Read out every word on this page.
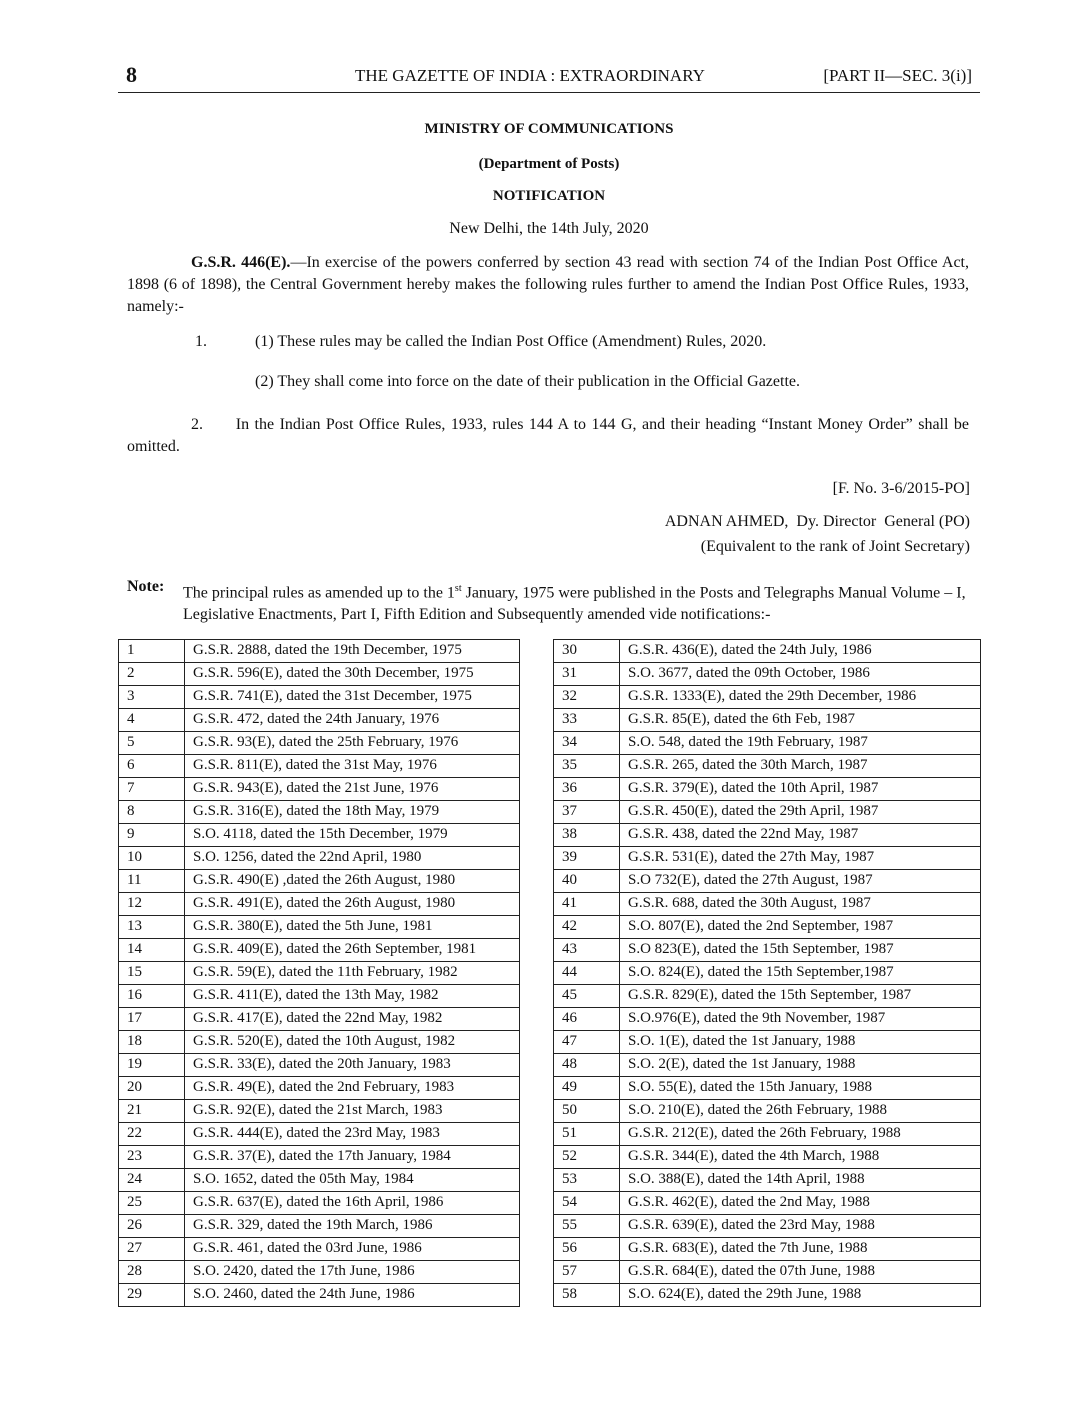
8	THE GAZETTE OF INDIA : EXTRAORDINARY	[PART II—SEC. 3(i)]
MINISTRY OF COMMUNICATIONS
(Department of Posts)
NOTIFICATION
New Delhi, the 14th July, 2020
G.S.R. 446(E).—In exercise of the powers conferred by section 43 read with section 74 of the Indian Post Office Act, 1898 (6 of 1898), the Central Government hereby makes the following rules further to amend the Indian Post Office Rules, 1933, namely:-
1.	(1) These rules may be called the Indian Post Office (Amendment) Rules, 2020.
(2) They shall come into force on the date of their publication in the Official Gazette.
2.      In the Indian Post Office Rules, 1933, rules 144 A to 144 G, and their heading “Instant Money Order” shall be omitted.
[F. No. 3-6/2015-PO]
ADNAN AHMED,  Dy. Director  General (PO)
(Equivalent to the rank of Joint Secretary)
Note: The principal rules as amended up to the 1st January, 1975 were published in the Posts and Telegraphs Manual Volume – I, Legislative Enactments, Part I, Fifth Edition and Subsequently amended vide notifications:-
1	G.S.R. 2888, dated the 19th December, 1975
2	G.S.R. 596(E), dated the 30th December, 1975
3	G.S.R. 741(E), dated the 31st December, 1975
4	G.S.R. 472, dated the 24th January, 1976
5	G.S.R. 93(E), dated the 25th February, 1976
6	G.S.R. 811(E), dated the 31st May, 1976
7	G.S.R. 943(E), dated the 21st June, 1976
8	G.S.R. 316(E), dated the 18th May, 1979
9	S.O. 4118, dated the 15th December, 1979
10	S.O. 1256, dated the 22nd April, 1980
11	G.S.R. 490(E) ,dated the 26th August, 1980
12	G.S.R. 491(E), dated the 26th August, 1980
13	G.S.R. 380(E), dated the 5th June, 1981
14	G.S.R. 409(E), dated the 26th September, 1981
15	G.S.R. 59(E), dated the 11th February, 1982
16	G.S.R. 411(E), dated the 13th May, 1982
17	G.S.R. 417(E), dated the 22nd May, 1982
18	G.S.R. 520(E), dated the 10th August, 1982
19	G.S.R. 33(E), dated the 20th January, 1983
20	G.S.R. 49(E), dated the 2nd February, 1983
21	G.S.R. 92(E), dated the 21st March, 1983
22	G.S.R. 444(E), dated the 23rd May, 1983
23	G.S.R. 37(E), dated the 17th January, 1984
24	S.O. 1652, dated the 05th May, 1984
25	G.S.R. 637(E), dated the 16th April, 1986
26	G.S.R. 329, dated the 19th March, 1986
27	G.S.R. 461, dated the 03rd June, 1986
28	S.O. 2420, dated the 17th June, 1986
29	S.O. 2460, dated the 24th June, 1986
30	G.S.R. 436(E), dated the 24th July, 1986
31	S.O. 3677, dated the 09th October, 1986
32	G.S.R. 1333(E), dated the 29th December, 1986
33	G.S.R. 85(E), dated the 6th Feb, 1987
34	S.O. 548, dated the 19th February, 1987
35	G.S.R. 265, dated the 30th March, 1987
36	G.S.R. 379(E), dated the 10th April, 1987
37	G.S.R. 450(E), dated the 29th April, 1987
38	G.S.R. 438, dated the 22nd May, 1987
39	G.S.R. 531(E), dated the 27th May, 1987
40	S.O 732(E), dated the 27th August, 1987
41	G.S.R. 688, dated the 30th August, 1987
42	S.O. 807(E), dated the 2nd September, 1987
43	S.O 823(E), dated the 15th September, 1987
44	S.O. 824(E), dated the 15th September,1987
45	G.S.R. 829(E), dated the 15th September, 1987
46	S.O.976(E), dated the 9th November, 1987
47	S.O. 1(E), dated the 1st January, 1988
48	S.O. 2(E), dated the 1st January, 1988
49	S.O. 55(E), dated the 15th January, 1988
50	S.O. 210(E), dated the 26th February, 1988
51	G.S.R. 212(E), dated the 26th February, 1988
52	G.S.R. 344(E), dated the 4th March, 1988
53	S.O. 388(E), dated the 14th April, 1988
54	G.S.R. 462(E), dated the 2nd May, 1988
55	G.S.R. 639(E), dated the 23rd May, 1988
56	G.S.R. 683(E), dated the 7th June, 1988
57	G.S.R. 684(E), dated the 07th June, 1988
58	S.O. 624(E), dated the 29th June, 1988
